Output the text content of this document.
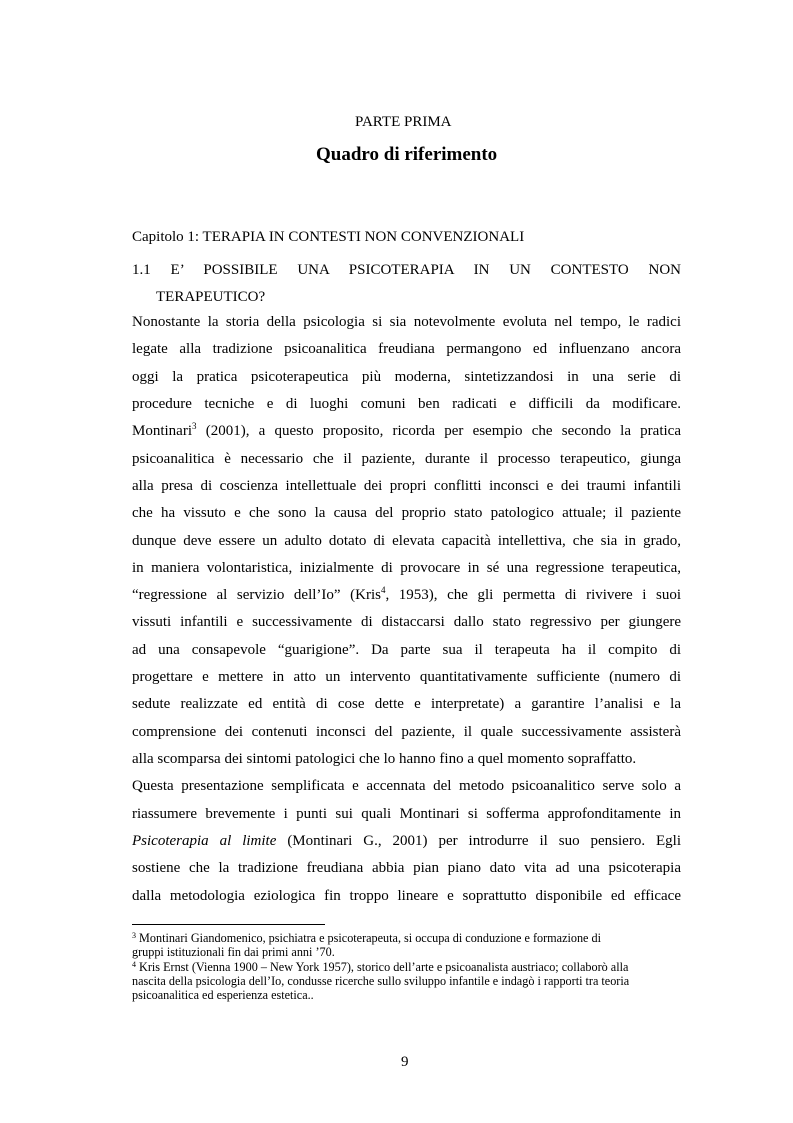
PARTE PRIMA
Quadro di riferimento
Capitolo 1: TERAPIA IN CONTESTI NON CONVENZIONALI
1.1 E’ POSSIBILE UNA PSICOTERAPIA IN UN CONTESTO NON
TERAPEUTICO?
Nonostante la storia della psicologia si sia notevolmente evoluta nel tempo, le radici
legate alla tradizione psicoanalitica freudiana permangono ed influenzano ancora
oggi la pratica psicoterapeutica più moderna, sintetizzandosi in una serie di
procedure tecniche e di luoghi comuni ben radicati e difficili da modificare.
Montinari$^3$ (2001), a questo proposito, ricorda per esempio che secondo la pratica
psicoanalitica è necessario che il paziente, durante il processo terapeutico, giunga
alla presa di coscienza intellettuale dei propri conflitti inconsci e dei traumi infantili
che ha vissuto e che sono la causa del proprio stato patologico attuale; il paziente
dunque deve essere un adulto dotato di elevata capacità intellettiva, che sia in grado,
in maniera volontaristica, inizialmente di provocare in sé una regressione terapeutica,
“regressione al servizio dell’Io” (Kris$^4$, 1953), che gli permetta di rivivere i suoi
vissuti infantili e successivamente di distaccarsi dallo stato regressivo per giungere
ad una consapevole “guarigione”. Da parte sua il terapeuta ha il compito di
progettare e mettere in atto un intervento quantitativamente sufficiente (numero di
sedute realizzate ed entità di cose dette e interpretate) a garantire l’analisi e la
comprensione dei contenuti inconsci del paziente, il quale successivamente assisterà
alla scomparsa dei sintomi patologici che lo hanno fino a quel momento sopraffatto.
Questa presentazione semplificata e accennata del metodo psicoanalitico serve solo a
riassumere brevemente i punti sui quali Montinari si sofferma approfonditamente in
Psicoterapia al limite (Montinari G., 2001) per introdurre il suo pensiero. Egli
sostiene che la tradizione freudiana abbia pian piano dato vita ad una psicoterapia
dalla metodologia eziologica fin troppo lineare e soprattutto disponibile ed efficace
$^3$ Montinari Giandomenico, psichiatra e psicoterapeuta, si occupa di conduzione e formazione di
gruppi istituzionali fin dai primi anni ’70.
$^4$ Kris Ernst (Vienna 1900 – New York 1957), storico dell’arte e psicoanalista austriaco; collaborò alla
nascita della psicologia dell’Io, condusse ricerche sullo sviluppo infantile e indagò i rapporti tra teoria
psicoanalitica ed esperienza estetica..
9
